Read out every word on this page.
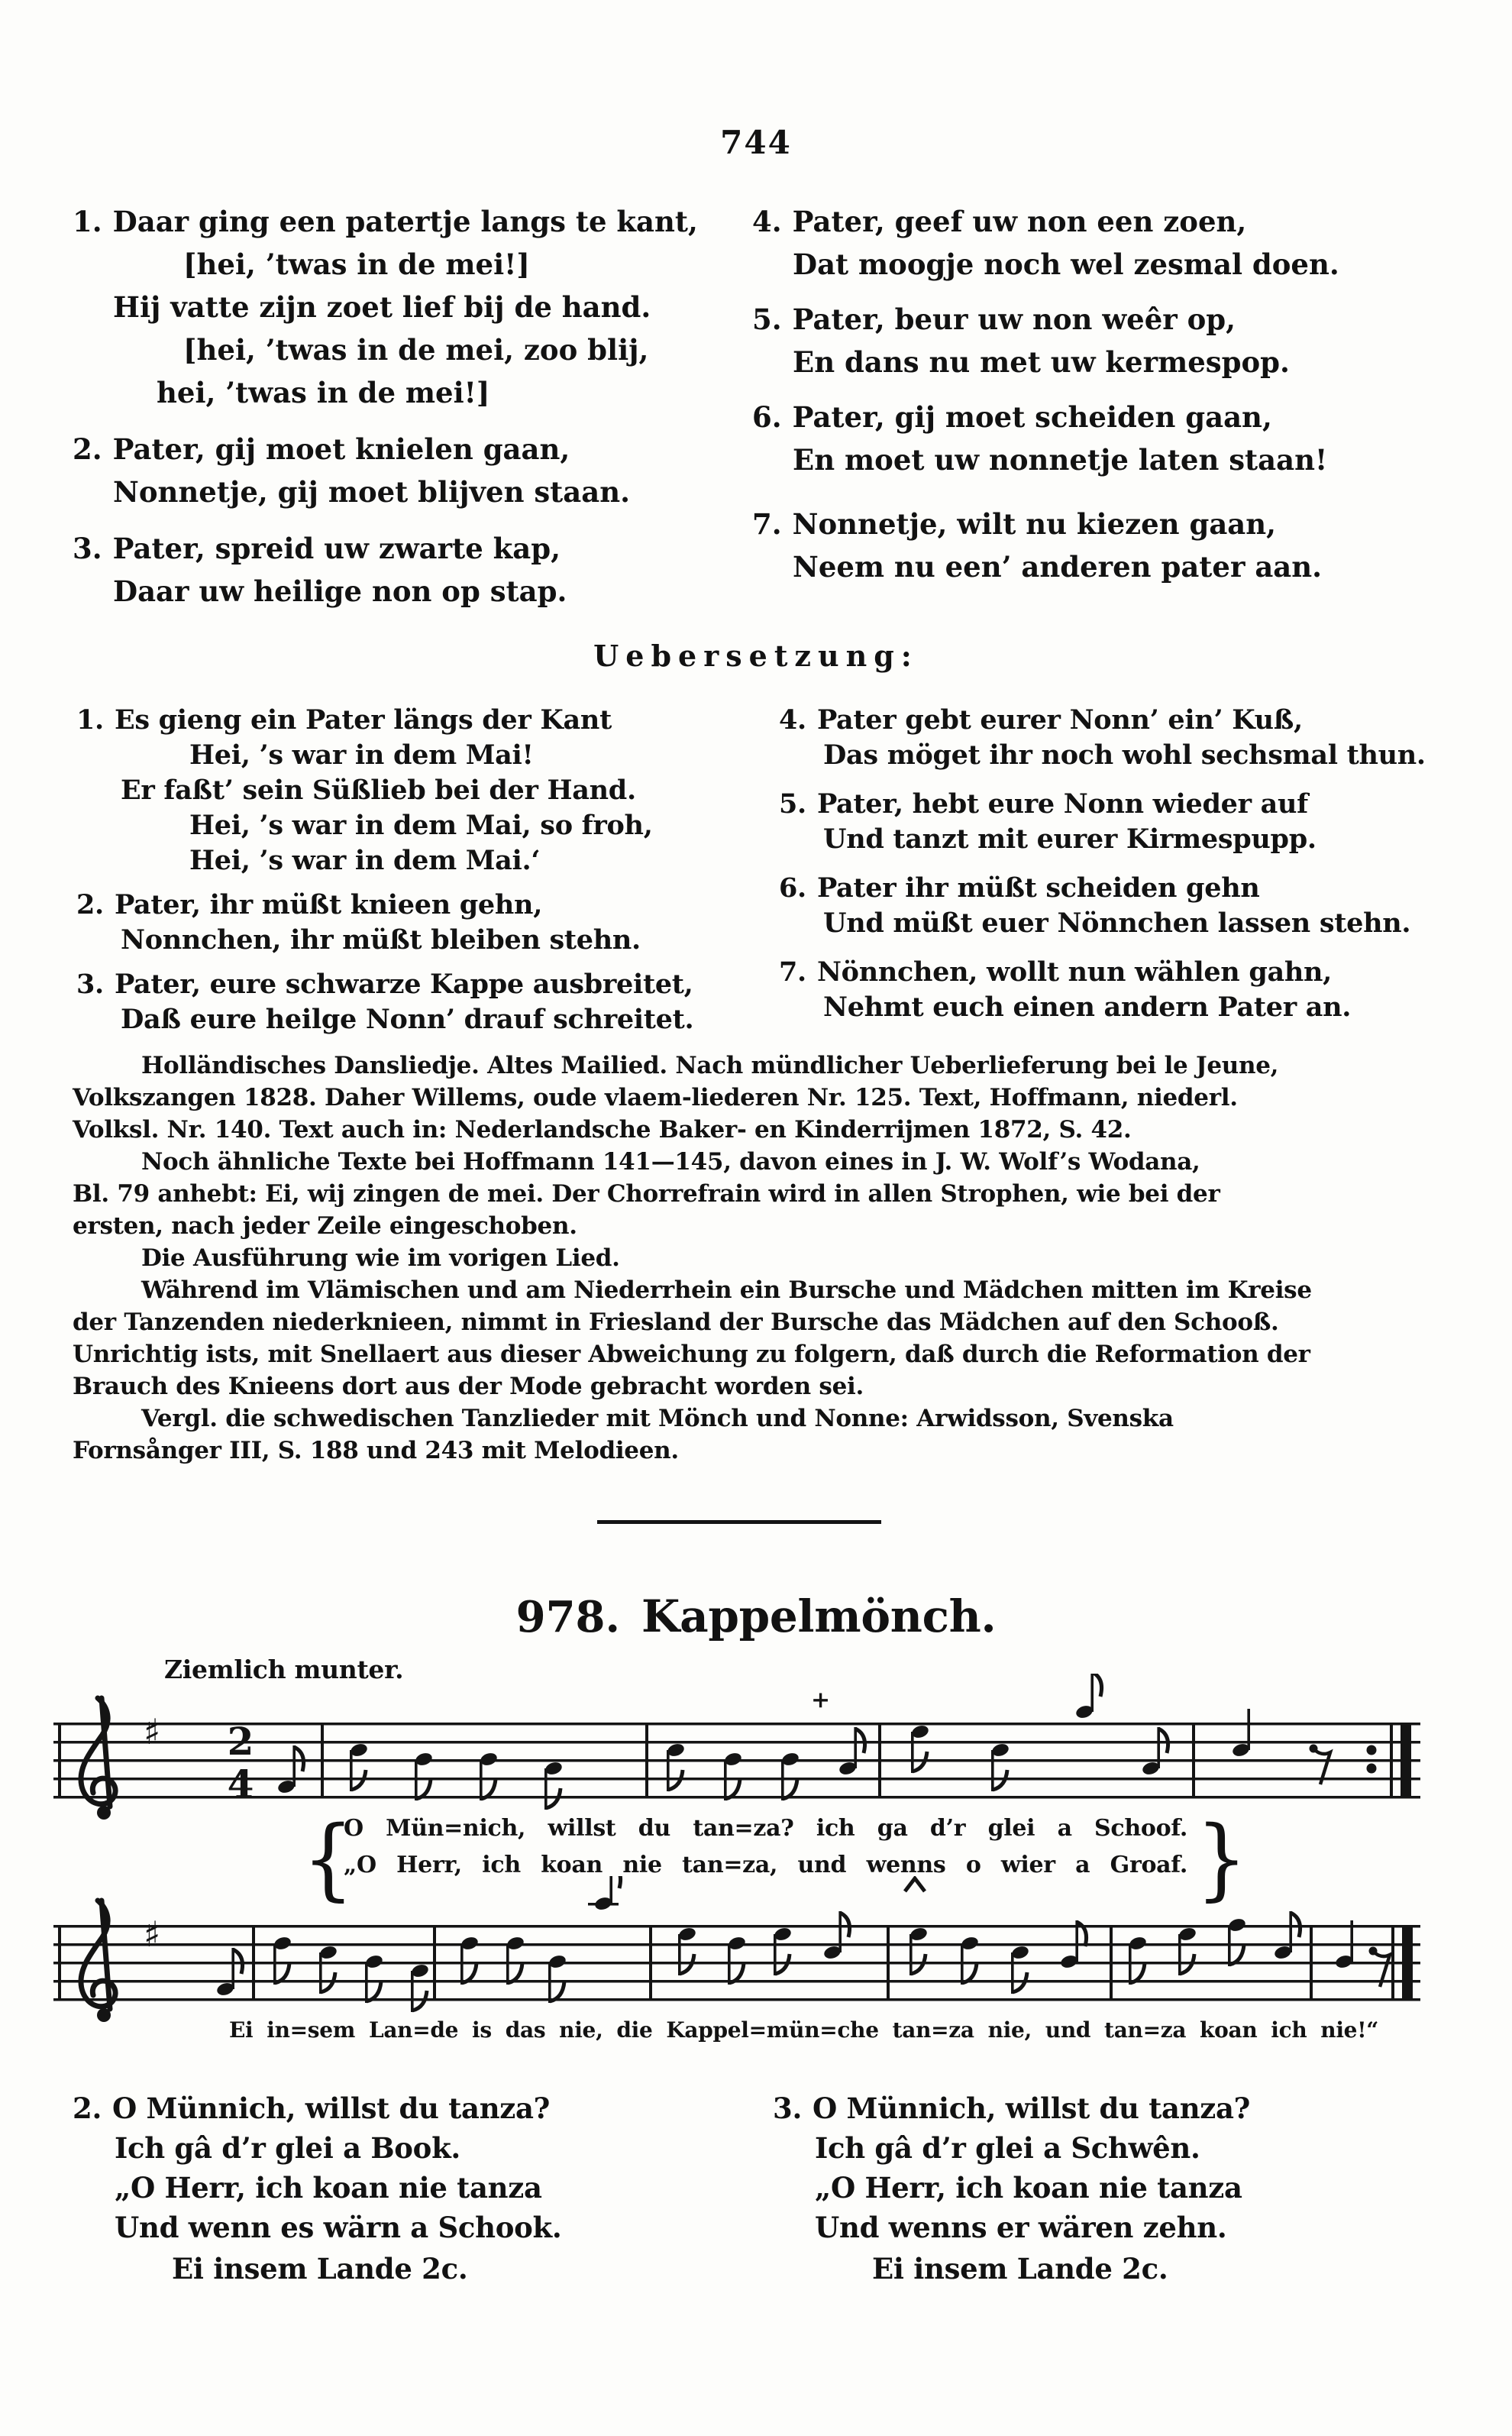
744
1. Daar ging een patertje langs te kant,
[hei, ’twas in de mei!]
Hij vatte zijn zoet lief bij de hand.
[hei, ’twas in de mei, zoo blij,
hei, ’twas in de mei!]
2. Pater, gij moet knielen gaan,
Nonnetje, gij moet blijven staan.
3. Pater, spreid uw zwarte kap,
Daar uw heilige non op stap.
4. Pater, geef uw non een zoen,
Dat moogje noch wel zesmal doen.
5. Pater, beur uw non weêr op,
En dans nu met uw kermespop.
6. Pater, gij moet scheiden gaan,
En moet uw nonnetje laten staan!
7. Nonnetje, wilt nu kiezen gaan,
Neem nu een’ anderen pater aan.
Uebersetzung:
1. Es gieng ein Pater längs der Kant
Hei, ’s war in dem Mai!
Er faßt’ sein Süßlieb bei der Hand.
Hei, ’s war in dem Mai, so froh,
Hei, ’s war in dem Mai.‘
2. Pater, ihr müßt knieen gehn,
Nonnchen, ihr müßt bleiben stehn.
3. Pater, eure schwarze Kappe ausbreitet,
Daß eure heilge Nonn’ drauf schreitet.
4. Pater gebt eurer Nonn’ ein’ Kuß,
Das möget ihr noch wohl sechsmal thun.
5. Pater, hebt eure Nonn wieder auf
Und tanzt mit eurer Kirmespupp.
6. Pater ihr müßt scheiden gehn
Und müßt euer Nönnchen lassen stehn.
7. Nönnchen, wollt nun wählen gahn,
Nehmt euch einen andern Pater an.
Holländisches Dansliedje. Altes Mailied. Nach mündlicher Ueberlieferung bei le Jeune,
Volkszangen 1828. Daher Willems, oude vlaem-liederen Nr. 125. Text, Hoffmann, niederl.
Volksl. Nr. 140. Text auch in: Nederlandsche Baker- en Kinderrijmen 1872, S. 42.
Noch ähnliche Texte bei Hoffmann 141—145, davon eines in J. W. Wolf’s Wodana,
Bl. 79 anhebt: Ei, wij zingen de mei. Der Chorrefrain wird in allen Strophen, wie bei der
ersten, nach jeder Zeile eingeschoben.
Die Ausführung wie im vorigen Lied.
Während im Vlämischen und am Niederrhein ein Bursche und Mädchen mitten im Kreise
der Tanzenden niederknieen, nimmt in Friesland der Bursche das Mädchen auf den Schooß.
Unrichtig ists, mit Snellaert aus dieser Abweichung zu folgern, daß durch die Reformation der
Brauch des Knieens dort aus der Mode gebracht worden sei.
Vergl. die schwedischen Tanzlieder mit Mönch und Nonne: Arwidsson, Svenska
Fornsånger III, S. 188 und 243 mit Melodieen.
978. Kappelmönch.
Ziemlich munter.
♯ 2
4
+
{	}
O Mün=nich, willst du tan=za? ich ga d’r glei a Schoof.
„O Herr, ich koan nie tan=za, und wenns o wier a Groaf.
♯
Ei in=sem Lan=de is das nie, die Kappel=mün=che tan=za nie, und tan=za koan ich nie!“
2. O Münnich, willst du tanza?
Ich gâ d’r glei a Book.
„O Herr, ich koan nie tanza
Und wenn es wärn a Schook.
Ei insem Lande 2c.
3. O Münnich, willst du tanza?
Ich gâ d’r glei a Schwên.
„O Herr, ich koan nie tanza
Und wenns er wären zehn.
Ei insem Lande 2c.
